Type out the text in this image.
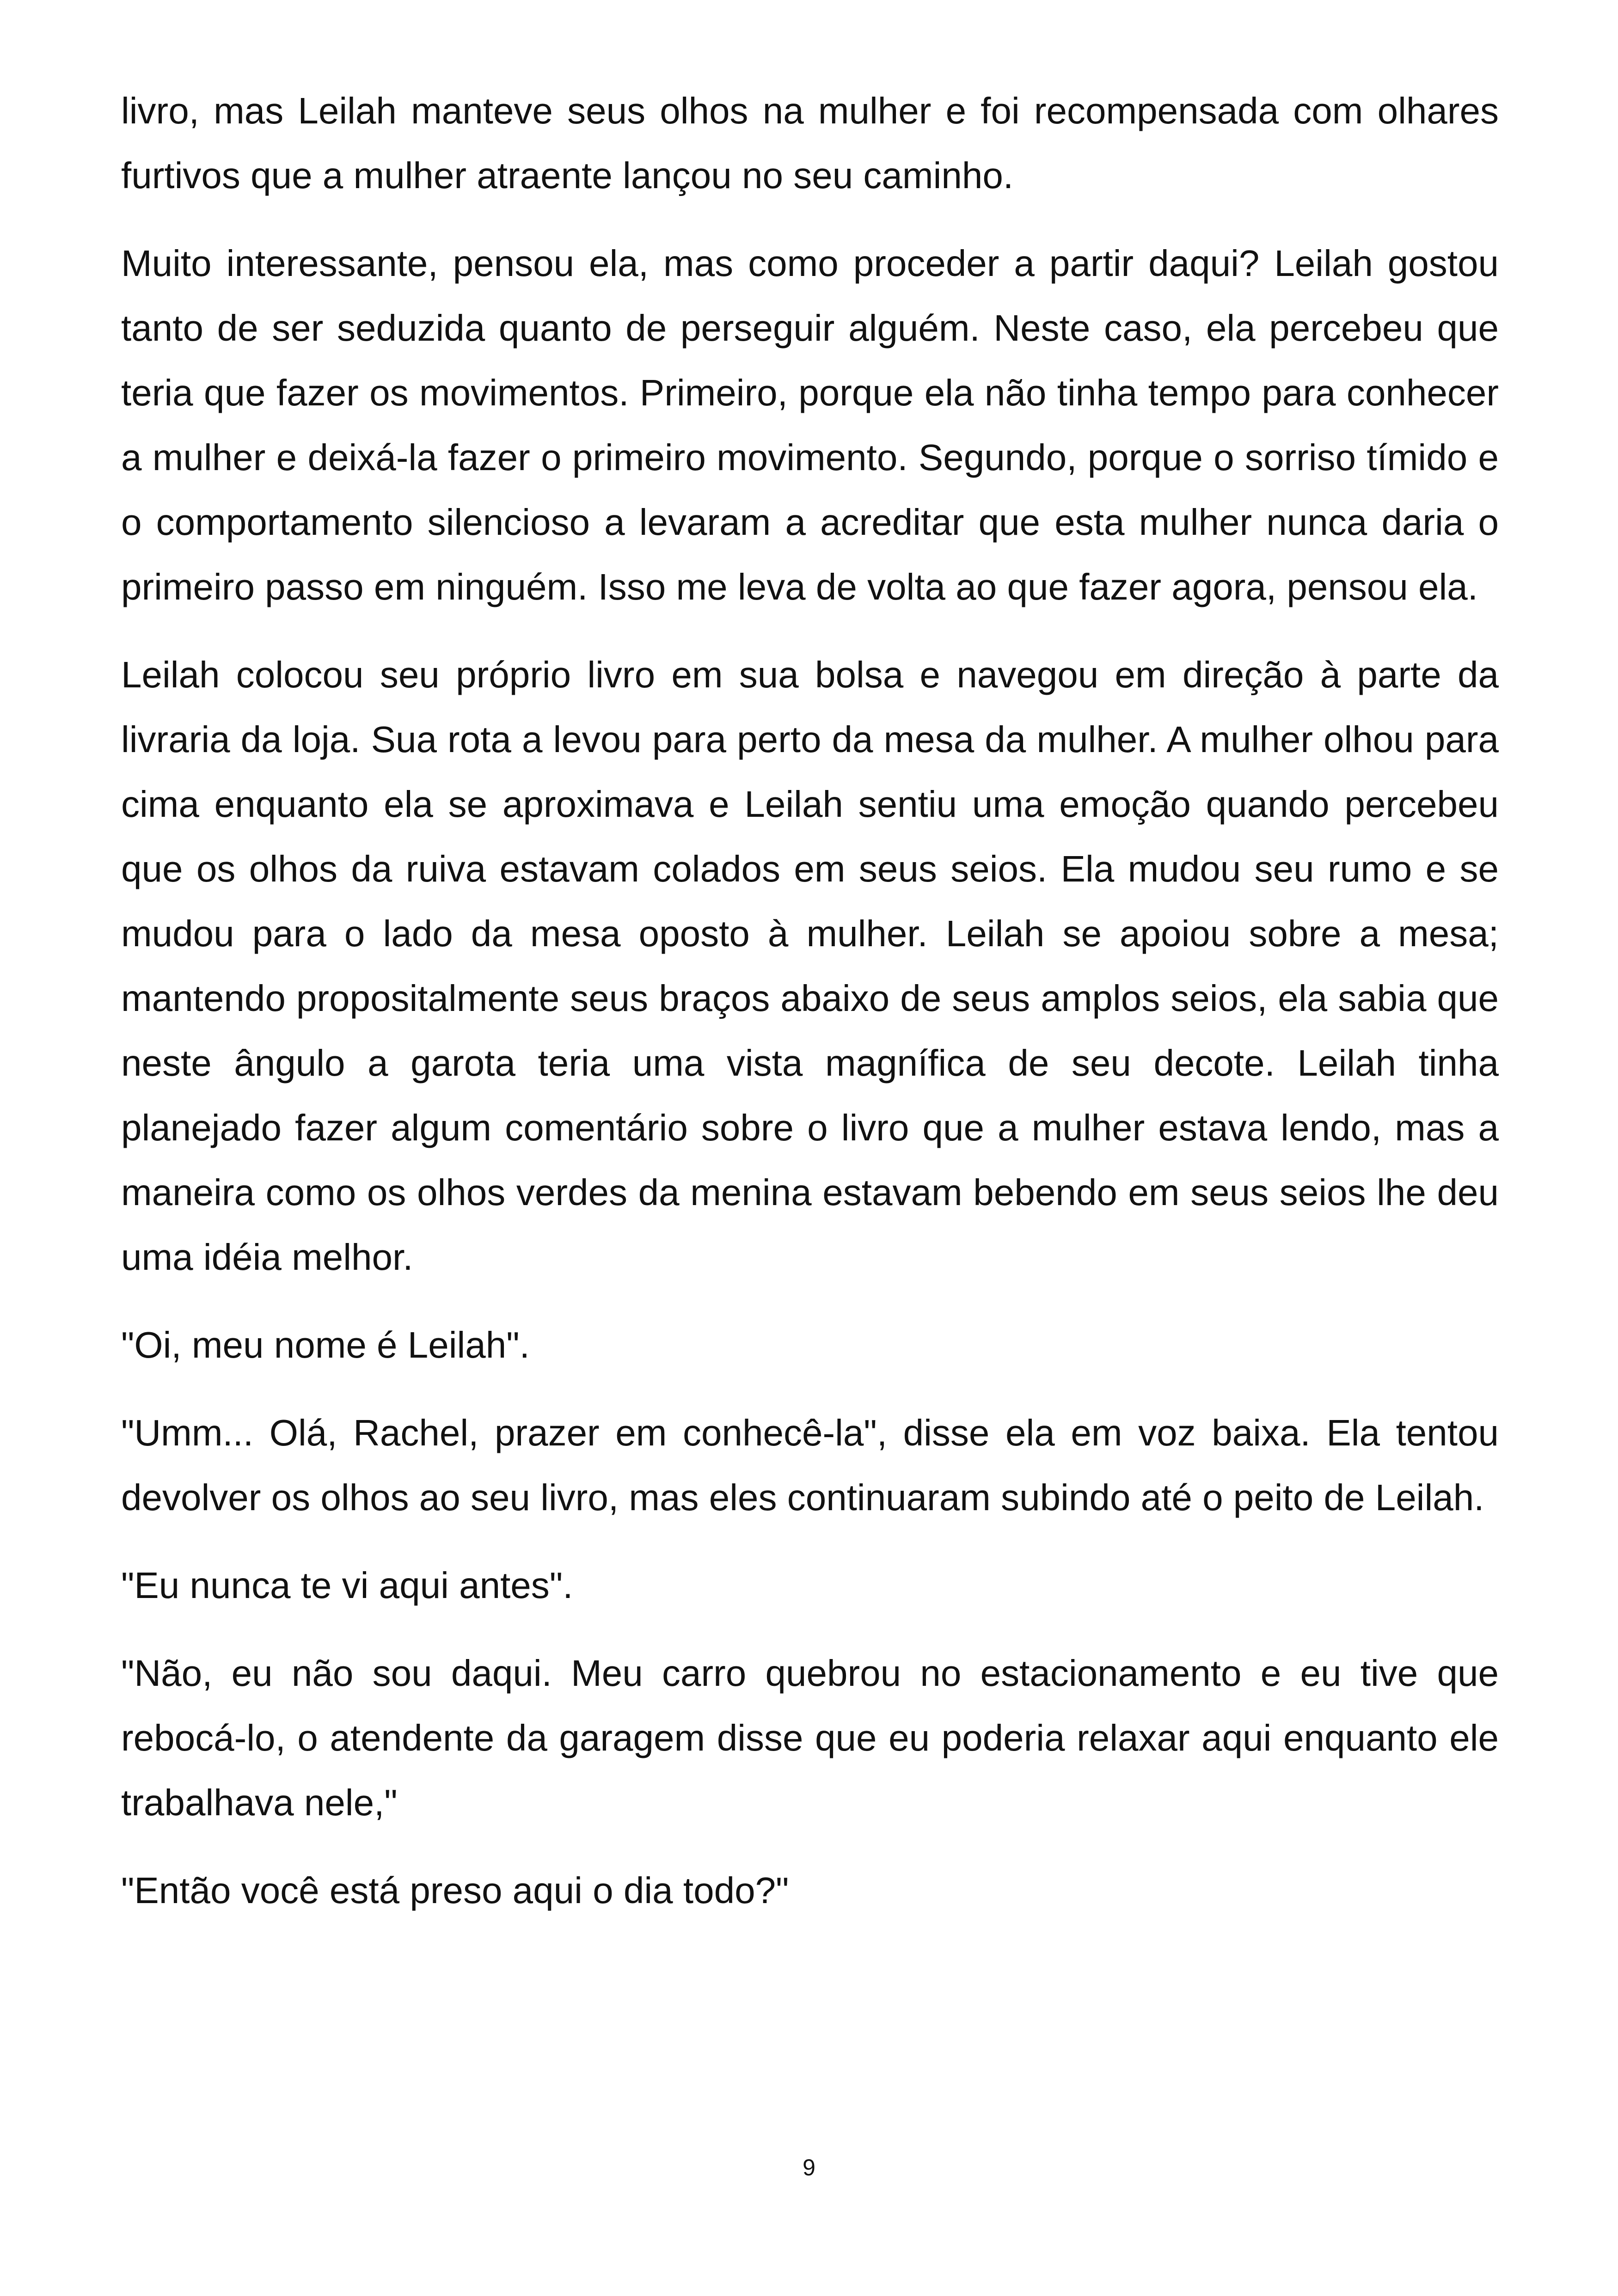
livro, mas Leilah manteve seus olhos na mulher e foi recompensada com olhares furtivos que a mulher atraente lançou no seu caminho.

Muito interessante, pensou ela, mas como proceder a partir daqui? Leilah gostou tanto de ser seduzida quanto de perseguir alguém. Neste caso, ela percebeu que teria que fazer os movimentos. Primeiro, porque ela não tinha tempo para conhecer a mulher e deixá-la fazer o primeiro movimento. Segundo, porque o sorriso tímido e o comportamento silencioso a levaram a acreditar que esta mulher nunca daria o primeiro passo em ninguém. Isso me leva de volta ao que fazer agora, pensou ela.

Leilah colocou seu próprio livro em sua bolsa e navegou em direção à parte da livraria da loja. Sua rota a levou para perto da mesa da mulher. A mulher olhou para cima enquanto ela se aproximava e Leilah sentiu uma emoção quando percebeu que os olhos da ruiva estavam colados em seus seios. Ela mudou seu rumo e se mudou para o lado da mesa oposto à mulher. Leilah se apoiou sobre a mesa; mantendo propositalmente seus braços abaixo de seus amplos seios, ela sabia que neste ângulo a garota teria uma vista magnífica de seu decote. Leilah tinha planejado fazer algum comentário sobre o livro que a mulher estava lendo, mas a maneira como os olhos verdes da menina estavam bebendo em seus seios lhe deu uma idéia melhor.

"Oi, meu nome é Leilah".

"Umm... Olá, Rachel, prazer em conhecê-la", disse ela em voz baixa. Ela tentou devolver os olhos ao seu livro, mas eles continuaram subindo até o peito de Leilah.

"Eu nunca te vi aqui antes".

"Não, eu não sou daqui. Meu carro quebrou no estacionamento e eu tive que rebocá-lo, o atendente da garagem disse que eu poderia relaxar aqui enquanto ele trabalhava nele,"

"Então você está preso aqui o dia todo?"

9
